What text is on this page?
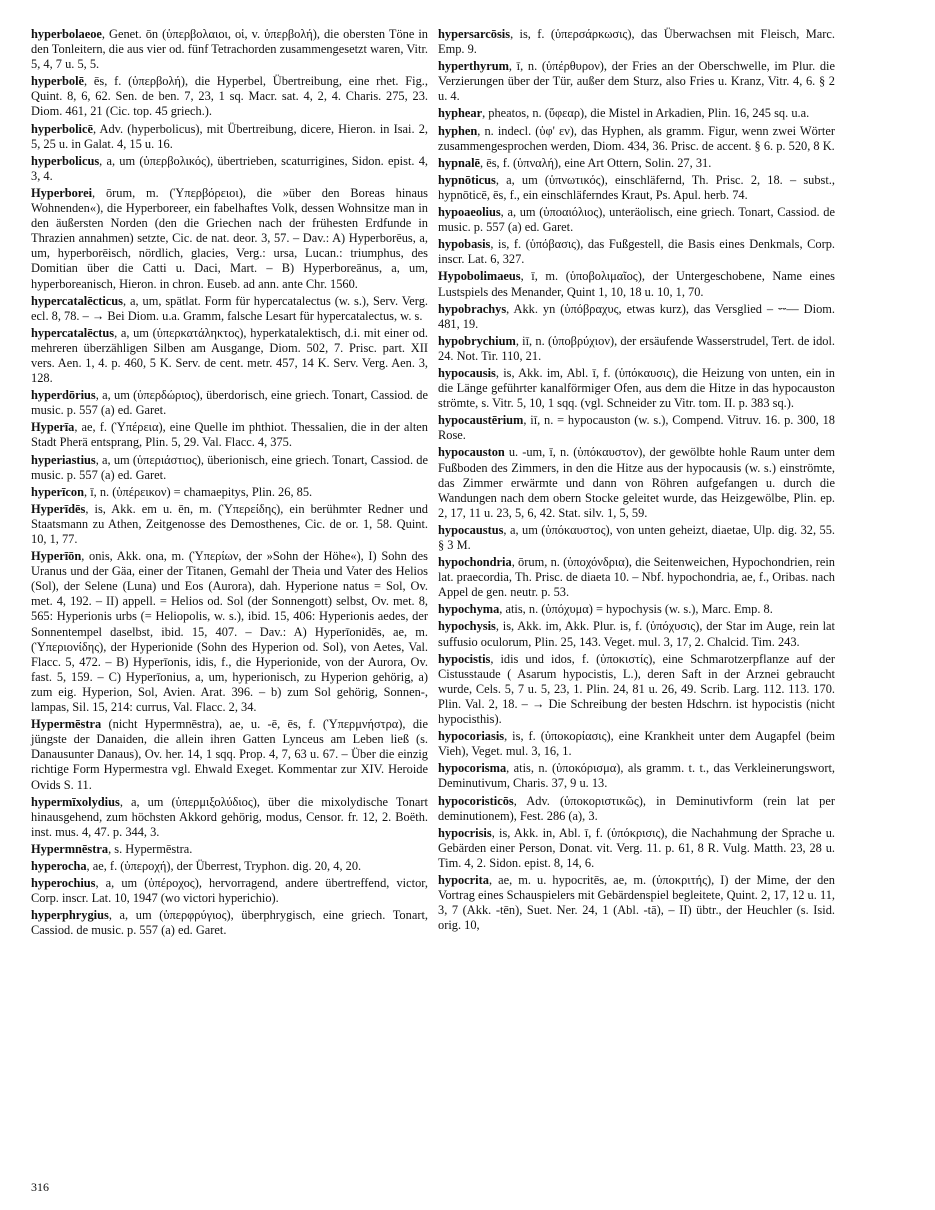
hyperbolaeoe, Genet. ōn (ὑπερβολαιοι, οἱ, v. ὑπερβολή), die obersten Töne in den Tonleitern, die aus vier od. fünf Tetrachorden zusammengesetzt waren, Vitr. 5, 4, 7 u. 5, 5.

hyperbolē, ēs, f. (ὑπερβολή), die Hyperbel, Übertreibung, eine rhet. Fig., Quint. 8, 6, 62. Sen. de ben. 7, 23, 1 sq. Macr. sat. 4, 2, 4. Charis. 275, 23. Diom. 461, 21 (Cic. top. 45 griech.).

hyperbolicē, Adv. (hyperbolicus), mit Übertreibung, dicere, Hieron. in Isai. 2, 5, 25 u. in Galat. 4, 15 u. 16.

hyperbolicus, a, um (ὑπερβολικός), übertrieben, scaturrigines, Sidon. epist. 4, 3, 4.

Hyperborei, ōrum, m. (Ὑπερβόρειοι), die »über den Boreas hinaus Wohnenden«), die Hyperboreer, ein fabelhaftes Volk, dessen Wohnsitze man in den äußersten Norden (den die Griechen nach der frühesten Erdfunde in Thrazien annahmen) setzte, Cic. de nat. deor. 3, 57. – Dav.: A) Hyperborēus, a, um, hyperborēisch, nördlich, glacies, Verg.: ursa, Lucan.: triumphus, des Domitian über die Catti u. Daci, Mart. – B) Hyperboreānus, a, um, hyperboreanisch, Hieron. in chron. Euseb. ad ann. ante Chr. 1560.

hypercatalēcticus, a, um, spätlat. Form für hypercatalectus (w. s.), Serv. Verg. ecl. 8, 78. – → Bei Diom. u.a. Gramm, falsche Lesart für hypercatalectus, w. s.

hypercatalēctus, a, um (ὑπερκατάληκτος), hyperkatalektisch, d.i. mit einer od. mehreren überzähligen Silben am Ausgange, Diom. 502, 7. Prisc. part. XII vers. Aen. 1, 4. p. 460, 5 K. Serv. de cent. metr. 457, 14 K. Serv. Verg. Aen. 3, 128.

hyperdōrius, a, um (ὑπερδώριος), überdorisch, eine griech. Tonart, Cassiod. de music. p. 557 (a) ed. Garet.

Hyperīa, ae, f. (Ὑπέρεια), eine Quelle im phthiot. Thessalien, die in der alten Stadt Pherä entsprang, Plin. 5, 29. Val. Flacc. 4, 375.

hyperiastius, a, um (ὑπεριάστιος), überionisch, eine griech. Tonart, Cassiod. de music. p. 557 (a) ed. Garet.

hyperīcon, ī, n. (ὑπέρεικον) = chamaepitys, Plin. 26, 85.

Hyperīdēs, is, Akk. em u. ēn, m. (Ὑπερείδης), ein berühmter Redner und Staatsmann zu Athen, Zeitgenosse des Demosthenes, Cic. de or. 1, 58. Quint. 10, 1, 77.

Hyperīōn, onis, Akk. ona, m. (Ὑπερίων, der »Sohn der Höhe«), I) Sohn des Uranus und der Gäa, einer der Titanen, Gemahl der Theia und Vater des Helios (Sol), der Selene (Luna) und Eos (Aurora), dah. Hyperione natus = Sol, Ov. met. 4, 192. – II) appell. = Helios od. Sol (der Sonnengott) selbst, Ov. met. 8, 565: Hyperionis urbs (= Heliopolis, w. s.), ibid. 15, 406: Hyperionis aedes, der Sonnentempel daselbst, ibid. 15, 407. – Dav.: A) Hyperīonidēs, ae, m. (Ὑπεριονίδης), der Hyperionide (Sohn des Hyperion od. Sol), von Aetes, Val. Flacc. 5, 472. – B) Hyperīonis, idis, f., die Hyperionide, von der Aurora, Ov. fast. 5, 159. – C) Hyperīonius, a, um, hyperionisch, zu Hyperion gehörig, a) zum eig. Hyperion, Sol, Avien. Arat. 396. – b) zum Sol gehörig, Sonnen-, lampas, Sil. 15, 214: currus, Val. Flacc. 2, 34.

Hypermēstra (nicht Hypermnēstra), ae, u. -ē, ēs, f. (Ὑπερμνήστρα), die jüngste der Danaiden, die allein ihren Gatten Lynceus am Leben ließ (s. Danausunter Danaus), Ov. her. 14, 1 sqq. Prop. 4, 7, 63 u. 67. – Über die einzig richtige Form Hypermestra vgl. Ehwald Exeget. Kommentar zur XIV. Heroide Ovids S. 11.

hypermīxolydius, a, um (ὑπερμιξολύδιος), über die mixolydische Tonart hinausgehend, zum höchsten Akkord gehörig, modus, Censor. fr. 12, 2. Boëth. inst. mus. 4, 47. p. 344, 3.

Hypermnēstra, s. Hypermēstra.

hyperocha, ae, f. (ὑπεροχή), der Überrest, Tryphon. dig. 20, 4, 20.

hyperochius, a, um (ὑπέροχος), hervorragend, andere übertreffend, victor, Corp. inscr. Lat. 10, 1947 (wo victori hyperichio).

hyperphrygius, a, um (ὑπερφρύγιος), überphrygisch, eine griech. Tonart, Cassiod. de music. p. 557 (a) ed. Garet.

hypersarcōsis, is, f. (ὑπερσάρκωσις), das Überwachsen mit Fleisch, Marc. Emp. 9.

hyperthyrum, ī, n. (ὑπέρθυρον), der Fries an der Oberschwelle, im Plur. die Verzierungen über der Tür, außer dem Sturz, also Fries u. Kranz, Vitr. 4, 6. § 2 u. 4.

hyphear, pheatos, n. (ὕφεαρ), die Mistel in Arkadien, Plin. 16, 245 sq. u.a.

hyphen, n. indecl. (ὑφ' εν), das Hyphen, als gramm. Figur, wenn zwei Wörter zusammengesprochen werden, Diom. 434, 36. Prisc. de accent. § 6. p. 520, 8 K.

hypnalē, ēs, f. (ὑπναλή), eine Art Ottern, Solin. 27, 31.

hypnōticus, a, um (ὑπνωτικός), einschläfernd, Th. Prisc. 2, 18. – subst., hypnōticē, ēs, f., ein einschläferndes Kraut, Ps. Apul. herb. 74.

hypoaeolius, a, um (ὑποαιόλιος), unteräolisch, eine griech. Tonart, Cassiod. de music. p. 557 (a) ed. Garet.

hypobasis, is, f. (ὑπόβασις), das Fußgestell, die Basis eines Denkmals, Corp. inscr. Lat. 6, 327.

Hypobolimaeus, ī, m. (ὑποβολιμαῖος), der Untergeschobene, Name eines Lustspiels des Menander, Quint 1, 10, 18 u. 10, 1, 70.

hypobrachys, Akk. yn (ὑπόβραχυς, etwas kurz), das Versglied – ⏑⏑–– Diom. 481, 19.

hypobrychium, iī, n. (ὑποβρύχιον), der ersäufende Wasserstrudel, Tert. de idol. 24. Not. Tir. 110, 21.

hypocausis, is, Akk. im, Abl. ī, f. (ὑπόκαυσις), die Heizung von unten, ein in die Länge geführter kanalförmiger Ofen, aus dem die Hitze in das hypocauston strömte, s. Vitr. 5, 10, 1 sqq. (vgl. Schneider zu Vitr. tom. II. p. 383 sq.).

hypocaustērium, iī, n. = hypocauston (w. s.), Compend. Vitruv. 16. p. 300, 18 Rose.

hypocauston u. -um, ī, n. (ὑπόκαυστον), der gewölbte hohle Raum unter dem Fußboden des Zimmers, in den die Hitze aus der hypocausis (w. s.) einströmte, das Zimmer erwärmte und dann von Röhren aufgefangen u. durch die Wandungen nach dem obern Stocke geleitet wurde, das Heizgewölbe, Plin. ep. 2, 17, 11 u. 23, 5, 6, 42. Stat. silv. 1, 5, 59.

hypocaustus, a, um (ὑπόκαυστος), von unten geheizt, diaetae, Ulp. dig. 32, 55. § 3 M.

hypochondria, ōrum, n. (ὑποχόνδρια), die Seitenweichen, Hypochondrien, rein lat. praecordia, Th. Prisc. de diaeta 10. – Nbf. hypochondria, ae, f., Oribas. nach Appel de gen. neutr. p. 53.

hypochyma, atis, n. (ὑπόχυμα) = hypochysis (w. s.), Marc. Emp. 8.

hypochysis, is, Akk. im, Akk. Plur. is, f. (ὑπόχυσις), der Star im Auge, rein lat suffusio oculorum, Plin. 25, 143. Veget. mul. 3, 17, 2. Chalcid. Tim. 243.

hypocistis, idis und idos, f. (ὑποκιστίς), eine Schmarotzerpflanze auf der Cistusstaude ( Asarum hypocistis, L.), deren Saft in der Arznei gebraucht wurde, Cels. 5, 7 u. 5, 23, 1. Plin. 24, 81 u. 26, 49. Scrib. Larg. 112. 113. 170. Plin. Val. 2, 18. – → Die Schreibung der besten Hdschrn. ist hypocistis (nicht hypocisthis).

hypocoriasis, is, f. (ὑποκορίασις), eine Krankheit unter dem Augapfel (beim Vieh), Veget. mul. 3, 16, 1.

hypocorisma, atis, n. (ὑποκόρισμα), als gramm. t. t., das Verkleinerungswort, Deminutivum, Charis. 37, 9 u. 13.

hypocoristicōs, Adv. (ὑποκοριστικῶς), in Deminutivform (rein lat per deminutionem), Fest. 286 (a), 3.

hypocrisis, is, Akk. in, Abl. ī, f. (ὑπόκρισις), die Nachahmung der Sprache u. Gebärden einer Person, Donat. vit. Verg. 11. p. 61, 8 R. Vulg. Matth. 23, 28 u. Tim. 4, 2. Sidon. epist. 8, 14, 6.

hypocrita, ae, m. u. hypocritēs, ae, m. (ὑποκριτής), I) der Mime, der den Vortrag eines Schauspielers mit Gebärdenspiel begleitete, Quint. 2, 17, 12 u. 11, 3, 7 (Akk. -tēn), Suet. Ner. 24, 1 (Abl. -tā), – II) übtr., der Heuchler (s. Isid. orig. 10,

316
